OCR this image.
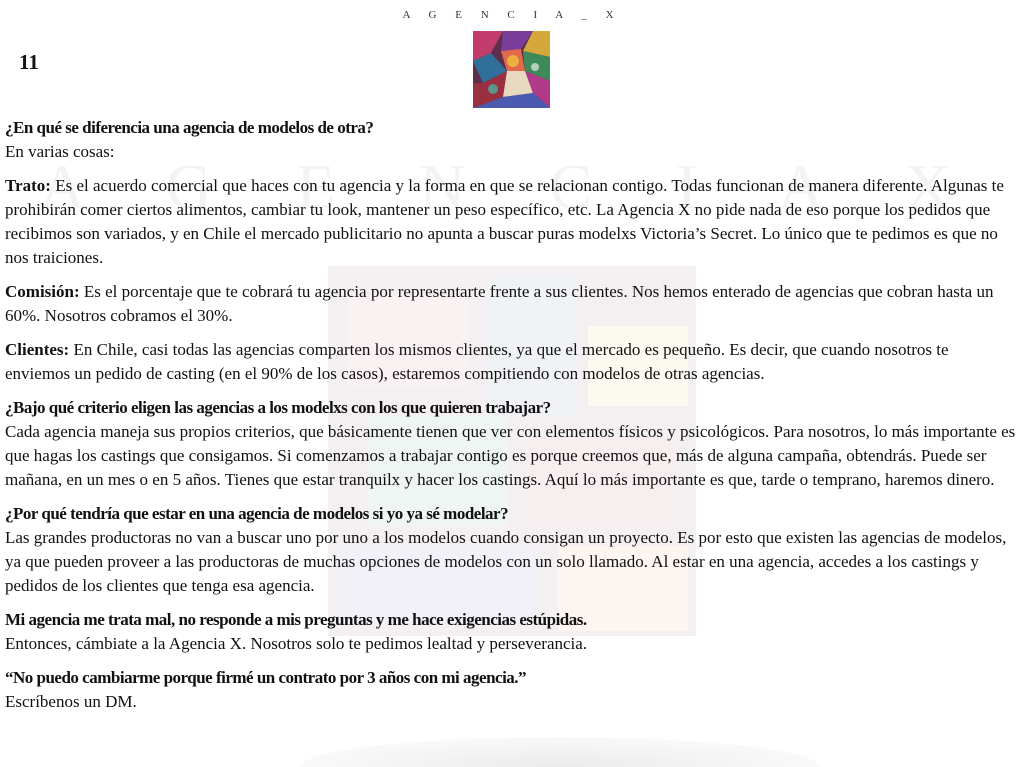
A G E N C I A _ X
11

¿En qué se diferencia una agencia de modelos de otra?

En varias cosas:

Trato: Es el acuerdo comercial que haces con tu agencia y la forma en que se relacionan contigo. Todas funcionan de manera diferente. Algunas te prohibirán comer ciertos alimentos, cambiar tu look, mantener un peso específico, etc. La Agencia X no pide nada de eso porque los pedidos que recibimos son variados, y en Chile el mercado publicitario no apunta a buscar puras modelxs Victoria’s Secret. Lo único que te pedimos es que no nos traiciones.

Comisión: Es el porcentaje que te cobrará tu agencia por representarte frente a sus clientes. Nos hemos enterado de agencias que cobran hasta un 60%. Nosotros cobramos el 30%.

Clientes: En Chile, casi todas las agencias comparten los mismos clientes, ya que el mercado es pequeño. Es decir, que cuando nosotros te enviemos un pedido de casting (en el 90% de los casos), estaremos compitiendo con modelos de otras agencias.

¿Bajo qué criterio eligen las agencias a los modelxs con los que quieren trabajar?

Cada agencia maneja sus propios criterios, que básicamente tienen que ver con elementos físicos y psicológicos. Para nosotros, lo más importante es que hagas los castings que consigamos. Si comenzamos a trabajar contigo es porque creemos que, más de alguna campaña, obtendrás. Puede ser mañana, en un mes o en 5 años. Tienes que estar tranquilx y hacer los castings. Aquí lo más importante es que, tarde o temprano, haremos dinero.

¿Por qué tendría que estar en una agencia de modelos si yo ya sé modelar?

Las grandes productoras no van a buscar uno por uno a los modelos cuando consigan un proyecto. Es por esto que existen las agencias de modelos, ya que pueden proveer a las productoras de muchas opciones de modelos con un solo llamado. Al estar en una agencia, accedes a los castings y pedidos de los clientes que tenga esa agencia.

Mi agencia me trata mal, no responde a mis preguntas y me hace exigencias estúpidas.

Entonces, cámbiate a la Agencia X. Nosotros solo te pedimos lealtad y perseverancia.

“No puedo cambiarme porque firmé un contrato por 3 años con mi agencia.”

Escríbenos un DM.
